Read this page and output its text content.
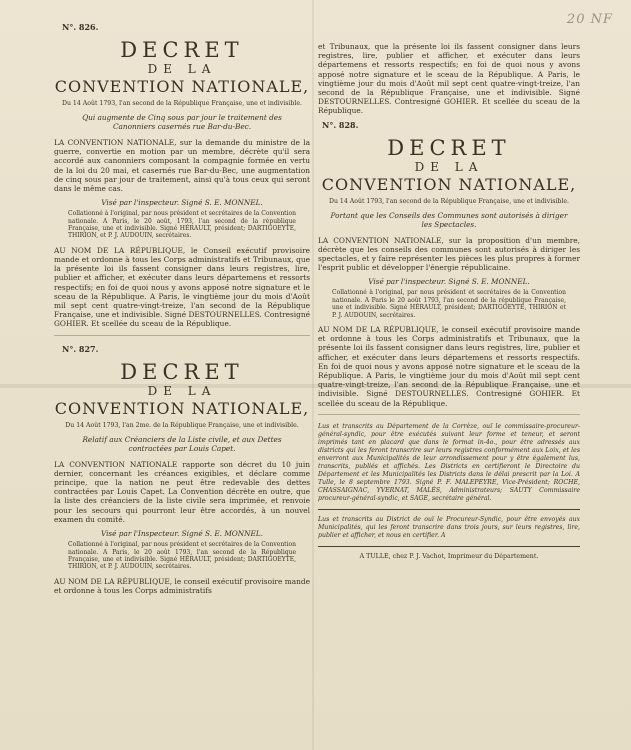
20 NF
N°. 826.
DECRET
DE LA
CONVENTION NATIONALE,
Du 14 Août 1793, l'an second de la République Française, une et indivisible.
Qui augmente de Cinq sous par jour le traitement des Canonniers casernés rue Bar-du-Bec.
LA CONVENTION NATIONALE, sur la demande du ministre de la guerre, convertie en motion par un membre, décrète qu'il sera accordé aux canonniers composant la compagnie formée en vertu de la loi du 20 mai, et casernés rue Bar-du-Bec, une augmentation de cinq sous par jour de traitement, ainsi qu'à tous ceux qui seront dans le même cas.
Visé par l'inspecteur. Signé S. E. MONNEL.
Collationné à l'original, par nous président et secrétaires de la Convention nationale. A Paris, le 20 août, 1793, l'an second de la république Française, une et indivisible. Signé HÉRAULT, président; DARTIGOEYTE, THIRION, et P. J. AUDOUIN, secrétaires.
AU NOM DE LA RÉPUBLIQUE, le Conseil exécutif provisoire mande et ordonne à tous les Corps administratifs et Tribunaux, que la présente loi ils fassent consigner dans leurs registres, lire, publier et afficher, et exécuter dans leurs départemens et ressorts respectifs; en foi de quoi nous y avons apposé notre signature et le sceau de la République. A Paris, le vingtième jour du mois d'Août mil sept cent quatre-vingt-treize, l'an second de la République Française, une et indivisible. Signé DESTOURNELLES. Contresigné GOHIER. Et scellée du sceau de la République.
N°. 827.
DECRET
DE LA
CONVENTION NATIONALE,
Du 14 Août 1793, l'an 2me. de la République Française, une et indivisible.
Relatif aux Créanciers de la Liste civile, et aux Dettes contractées par Louis Capet.
LA CONVENTION NATIONALE rapporte son décret du 10 juin dernier, concernant les créances exigibles, et déclare comme principe, que la nation ne peut être redevable des dettes contractées par Louis Capet. La Convention décrète en outre, que la liste des créanciers de la liste civile sera imprimée, et renvoie pour les secours qui pourront leur être accordés, à un nouvel examen du comité.
Visé par l'Inspecteur. Signé S. E. MONNEL.
Collationné à l'original, par nous président et secrétaires de la Convention nationale. A Paris, le 20 août 1793, l'an second de la République Française, une et indivisible. Signé HÉRAULT, président; DARTIGOEYTE, THIRION, et P. J. AUDOUIN, secrétaires.
AU NOM DE LA RÉPUBLIQUE, le conseil exécutif provisoire mande et ordonne à tous les Corps administratifs
et Tribunaux, que la présente loi ils fassent consigner dans leurs registres, lire, publier et afficher, et exécuter dans leurs départemens et ressorts respectifs; en foi de quoi nous y avons apposé notre signature et le sceau de la République. A Paris, le vingtième jour du mois d'Août mil sept cent quatre-vingt-treize, l'an second de la République Française, une et indivisible. Signé DESTOURNELLES. Contresigné GOHIER. Et scellée du sceau de la République.
N°. 828.
DECRET
DE LA
CONVENTION NATIONALE,
Du 14 Août 1793, l'an second de la République Française, une et indivisible.
Portant que les Conseils des Communes sont autorisés à diriger les Spectacles.
LA CONVENTION NATIONALE, sur la proposition d'un membre, décrète que les conseils des communes sont autorisés à diriger les spectacles, et y faire représenter les pièces les plus propres à former l'esprit public et développer l'énergie républicaine.
Visé par l'inspecteur. Signé S. E. MONNEL.
Collationné à l'original, par nous président et secrétaires de la Convention nationale. A Paris le 20 août 1793, l'an second de la république Française, une et indivisible. Signé HÉRAULT, président; DARTIGOEYTE, THIRION et P. J. AUDOUIN, secrétaires.
AU NOM DE LA RÉPUBLIQUE, le conseil exécutif provisoire mande et ordonne à tous les Corps administratifs et Tribunaux, que la présente loi ils fassent consigner dans leurs registres, lire, publier et afficher, et exécuter dans leurs départemens et ressorts respectifs. En foi de quoi nous y avons apposé notre signature et le sceau de la République. A Paris, le vingtième jour du mois d'Août mil sept cent quatre-vingt-treize, l'an second de la République Française, une et indivisible. Signé DESTOURNELLES. Contresigné GOHIER. Et scellée du sceau de la République.
Lus et transcrits au Département de la Corrèze, ouï le commissaire-procureur-général-syndic, pour être exécutés suivant leur forme et teneur, et seront imprimés tant en placard que dans le format in-4o., pour être adressés aux districts qui les feront transcrire sur leurs registres conformément aux Loix, et les enverront aux Municipalités de leur arrondissement pour y être également lus, transcrits, publiés et affichés. Les Districts en certifieront le Directoire du Département et les Municipalités les Districts dans le délai prescrit par la Loi. A Tulle, le 8 septembre 1793. Signé P. F. MALEPEYRE, Vice-Président; ROCHE, CHASSAIGNAC, YVERNAT, MALÈS, Administrateurs; SAUTY Commissaire procureur-général-syndic, et SAGE, secrétaire général.
Lus et transcrits au District de ouï le Procureur-Syndic, pour être envoyés aux Municipalités, qui les feront transcrire dans trois jours, sur leurs registres, lire, publier et afficher, et nous en certifier. A
A TULLE, chez P. J. Vachot, Imprimeur du Département.
